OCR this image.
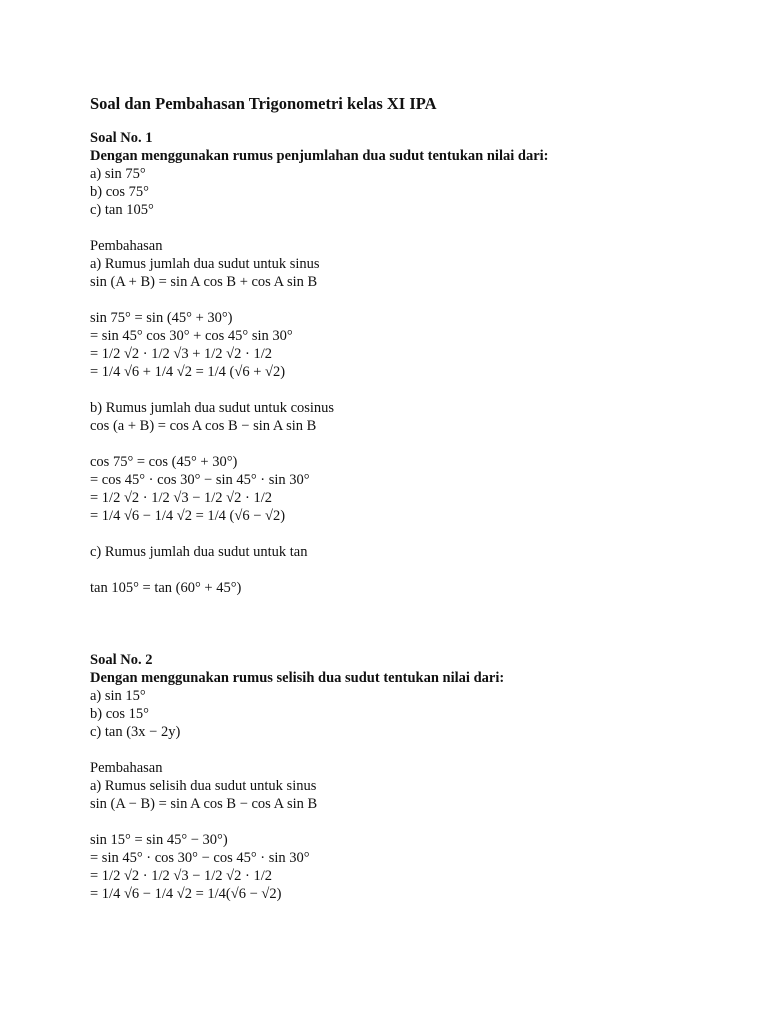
Soal dan Pembahasan Trigonometri kelas XI IPA
Soal No. 1
Dengan menggunakan rumus penjumlahan dua sudut tentukan nilai dari:
a) sin 75°
b) cos 75°
c) tan 105°
Pembahasan
a) Rumus jumlah dua sudut untuk sinus
sin (A + B) = sin A cos B + cos A sin B
sin 75° = sin (45° + 30°)
= sin 45° cos 30° + cos 45° sin 30°
= 1/2 √2 · 1/2 √3 + 1/2 √2 · 1/2
= 1/4 √6 + 1/4 √2 = 1/4 (√6 + √2)
b) Rumus jumlah dua sudut untuk cosinus
cos (a + B) = cos A cos B − sin A sin B
cos 75° = cos (45° + 30°)
= cos 45° · cos 30° − sin 45° · sin 30°
= 1/2 √2 · 1/2 √3 − 1/2 √2 · 1/2
= 1/4 √6 − 1/4 √2 = 1/4 (√6 − √2)
c) Rumus jumlah dua sudut untuk tan
tan 105° = tan (60° + 45°)
Soal No. 2
Dengan menggunakan rumus selisih dua sudut tentukan nilai dari:
a) sin 15°
b) cos 15°
c) tan (3x − 2y)
Pembahasan
a) Rumus selisih dua sudut untuk sinus
sin (A − B) = sin A cos B − cos A sin B
sin 15° = sin 45° − 30°)
= sin 45° · cos 30° − cos 45° · sin 30°
= 1/2 √2 · 1/2 √3 − 1/2 √2 · 1/2
= 1/4 √6 − 1/4 √2 = 1/4(√6 − √2)
